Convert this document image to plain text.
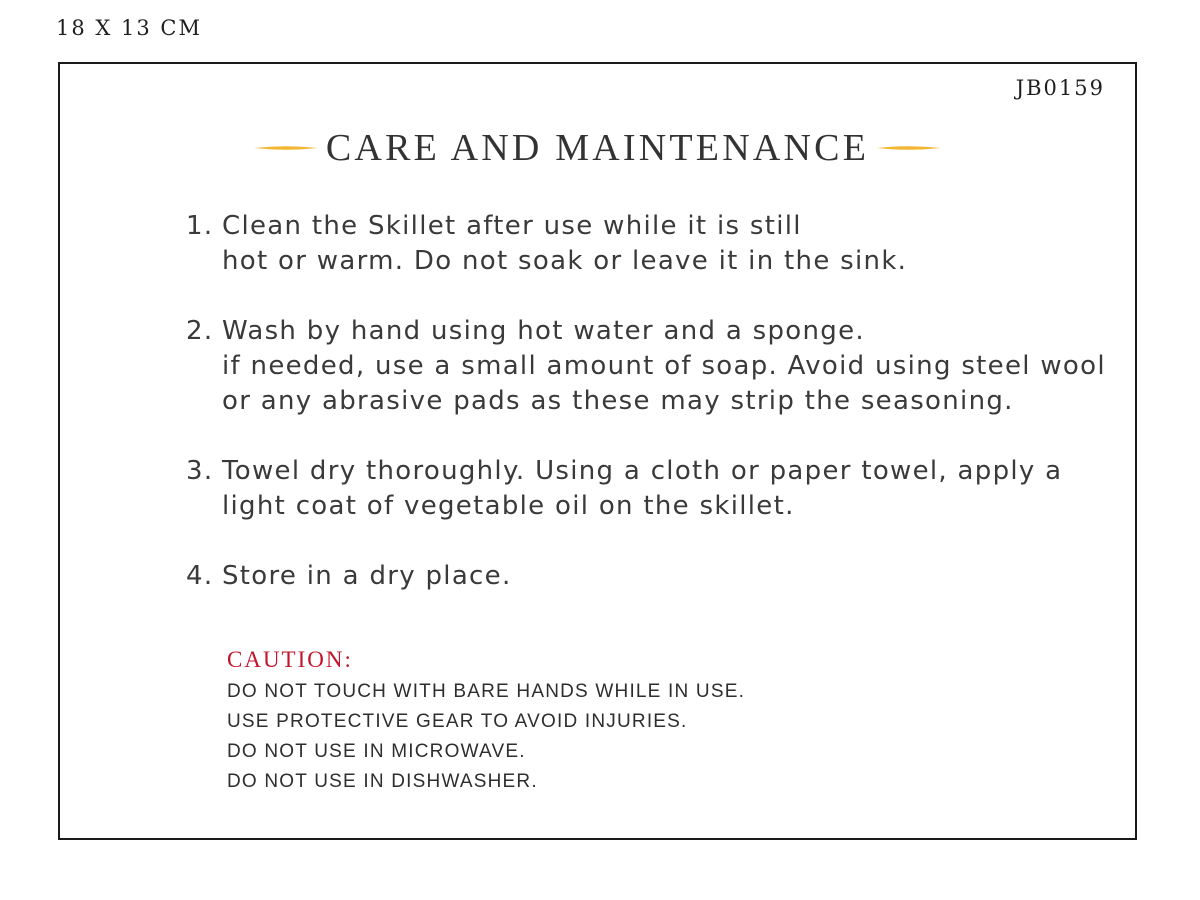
18 X 13 CM
JB0159
CARE AND MAINTENANCE
1. Clean the Skillet after use while it is still
hot or warm. Do not soak or leave it in the sink.
2. Wash by hand using hot water and a sponge.
if needed, use a small amount of soap. Avoid using steel wool
or any abrasive pads as these may strip the seasoning.
3. Towel dry thoroughly. Using a cloth or paper towel, apply a
light coat of vegetable oil on the skillet.
4. Store in a dry place.
CAUTION:
DO NOT TOUCH WITH BARE HANDS WHILE IN USE.
USE PROTECTIVE GEAR TO AVOID INJURIES.
DO NOT USE IN MICROWAVE.
DO NOT USE IN DISHWASHER.
